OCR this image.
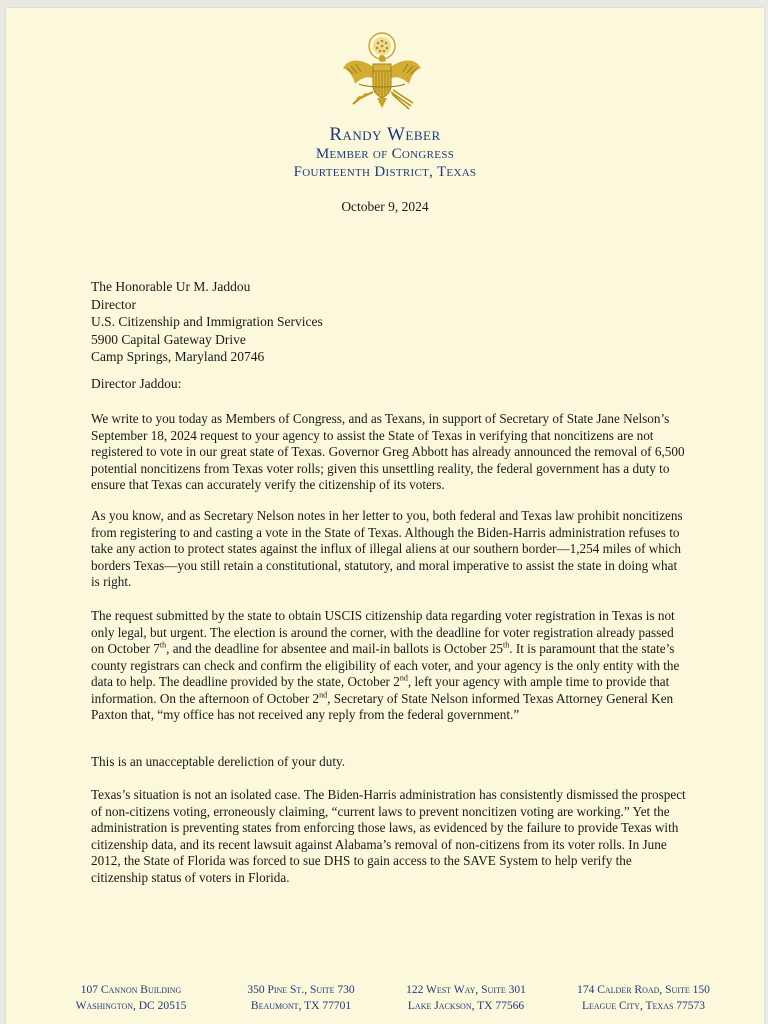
Randy Weber
Member of Congress
Fourteenth District, Texas
October 9, 2024
The Honorable Ur M. Jaddou
Director
U.S. Citizenship and Immigration Services
5900 Capital Gateway Drive
Camp Springs, Maryland 20746
Director Jaddou:

We write to you today as Members of Congress, and as Texans, in support of Secretary of State Jane Nelson’s September 18, 2024 request to your agency to assist the State of Texas in verifying that noncitizens are not registered to vote in our great state of Texas. Governor Greg Abbott has already announced the removal of 6,500 potential noncitizens from Texas voter rolls; given this unsettling reality, the federal government has a duty to ensure that Texas can accurately verify the citizenship of its voters.

As you know, and as Secretary Nelson notes in her letter to you, both federal and Texas law prohibit noncitizens from registering to and casting a vote in the State of Texas. Although the Biden-Harris administration refuses to take any action to protect states against the influx of illegal aliens at our southern border—1,254 miles of which borders Texas—you still retain a constitutional, statutory, and moral imperative to assist the state in doing what is right.

The request submitted by the state to obtain USCIS citizenship data regarding voter registration in Texas is not only legal, but urgent. The election is around the corner, with the deadline for voter registration already passed on October 7th, and the deadline for absentee and mail-in ballots is October 25th. It is paramount that the state’s county registrars can check and confirm the eligibility of each voter, and your agency is the only entity with the data to help. The deadline provided by the state, October 2nd, left your agency with ample time to provide that information. On the afternoon of October 2nd, Secretary of State Nelson informed Texas Attorney General Ken Paxton that, “my office has not received any reply from the federal government.”

This is an unacceptable dereliction of your duty.

Texas’s situation is not an isolated case. The Biden-Harris administration has consistently dismissed the prospect of non-citizens voting, erroneously claiming, “current laws to prevent noncitizen voting are working.” Yet the administration is preventing states from enforcing those laws, as evidenced by the failure to provide Texas with citizenship data, and its recent lawsuit against Alabama’s removal of non-citizens from its voter rolls. In June 2012, the State of Florida was forced to sue DHS to gain access to the SAVE System to help verify the citizenship status of voters in Florida.

107 Cannon Building
Washington, DC 20515
350 Pine St., Suite 730
Beaumont, TX 77701
122 West Way, Suite 301
Lake Jackson, TX 77566
174 Calder Road, Suite 150
League City, Texas 77573
